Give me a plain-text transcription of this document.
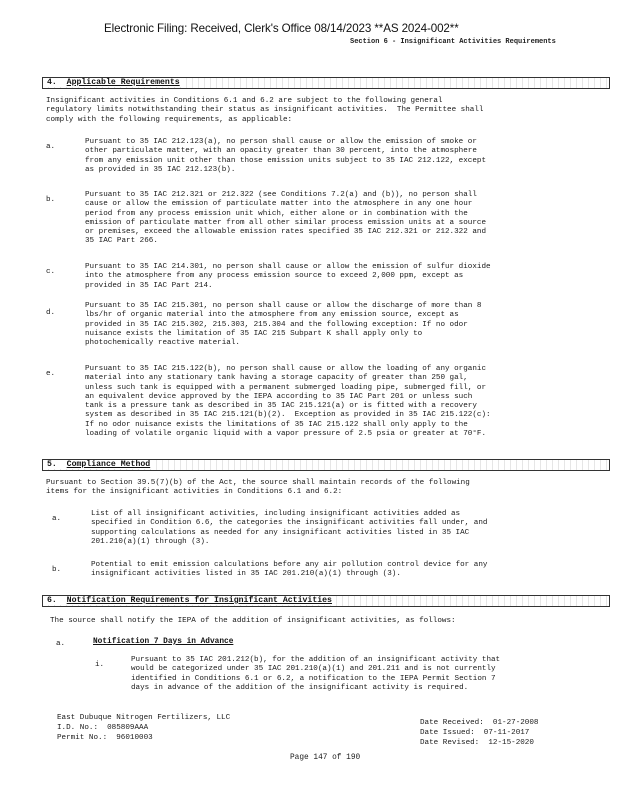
Electronic Filing: Received, Clerk's Office 08/14/2023 **AS 2024-002**
Section 6 - Insignificant Activities Requirements
4. Applicable Requirements
Insignificant activities in Conditions 6.1 and 6.2 are subject to the following general
regulatory limits notwithstanding their status as insignificant activities.  The Permittee shall
comply with the following requirements, as applicable:
a.
Pursuant to 35 IAC 212.123(a), no person shall cause or allow the emission of smoke or
other particulate matter, with an opacity greater than 30 percent, into the atmosphere
from any emission unit other than those emission units subject to 35 IAC 212.122, except
as provided in 35 IAC 212.123(b).
b.
Pursuant to 35 IAC 212.321 or 212.322 (see Conditions 7.2(a) and (b)), no person shall
cause or allow the emission of particulate matter into the atmosphere in any one hour
period from any process emission unit which, either alone or in combination with the
emission of particulate matter from all other similar process emission units at a source
or premises, exceed the allowable emission rates specified 35 IAC 212.321 or 212.322 and
35 IAC Part 266.
c.
Pursuant to 35 IAC 214.301, no person shall cause or allow the emission of sulfur dioxide
into the atmosphere from any process emission source to exceed 2,000 ppm, except as
provided in 35 IAC Part 214.
d.
Pursuant to 35 IAC 215.301, no person shall cause or allow the discharge of more than 8
lbs/hr of organic material into the atmosphere from any emission source, except as
provided in 35 IAC 215.302, 215.303, 215.304 and the following exception: If no odor
nuisance exists the limitation of 35 IAC 215 Subpart K shall apply only to
photochemically reactive material.
e.
Pursuant to 35 IAC 215.122(b), no person shall cause or allow the loading of any organic
material into any stationary tank having a storage capacity of greater than 250 gal,
unless such tank is equipped with a permanent submerged loading pipe, submerged fill, or
an equivalent device approved by the IEPA according to 35 IAC Part 201 or unless such
tank is a pressure tank as described in 35 IAC 215.121(a) or is fitted with a recovery
system as described in 35 IAC 215.121(b)(2).  Exception as provided in 35 IAC 215.122(c):
If no odor nuisance exists the limitations of 35 IAC 215.122 shall only apply to the
loading of volatile organic liquid with a vapor pressure of 2.5 psia or greater at 70°F.
5. Compliance Method
Pursuant to Section 39.5(7)(b) of the Act, the source shall maintain records of the following
items for the insignificant activities in Conditions 6.1 and 6.2:
a.
List of all insignificant activities, including insignificant activities added as
specified in Condition 6.6, the categories the insignificant activities fall under, and
supporting calculations as needed for any insignificant activities listed in 35 IAC
201.210(a)(1) through (3).
b.
Potential to emit emission calculations before any air pollution control device for any
insignificant activities listed in 35 IAC 201.210(a)(1) through (3).
6. Notification Requirements for Insignificant Activities
The source shall notify the IEPA of the addition of insignificant activities, as follows:
a.	Notification 7 Days in Advance
i.
Pursuant to 35 IAC 201.212(b), for the addition of an insignificant activity that
would be categorized under 35 IAC 201.210(a)(1) and 201.211 and is not currently
identified in Conditions 6.1 or 6.2, a notification to the IEPA Permit Section 7
days in advance of the addition of the insignificant activity is required.
East Dubuque Nitrogen Fertilizers, LLC
I.D. No.:  085809AAA
Permit No.:  96010003
Date Received:  01-27-2008
Date Issued:  07-11-2017
Date Revised:  12-15-2020
Page 147 of 190
